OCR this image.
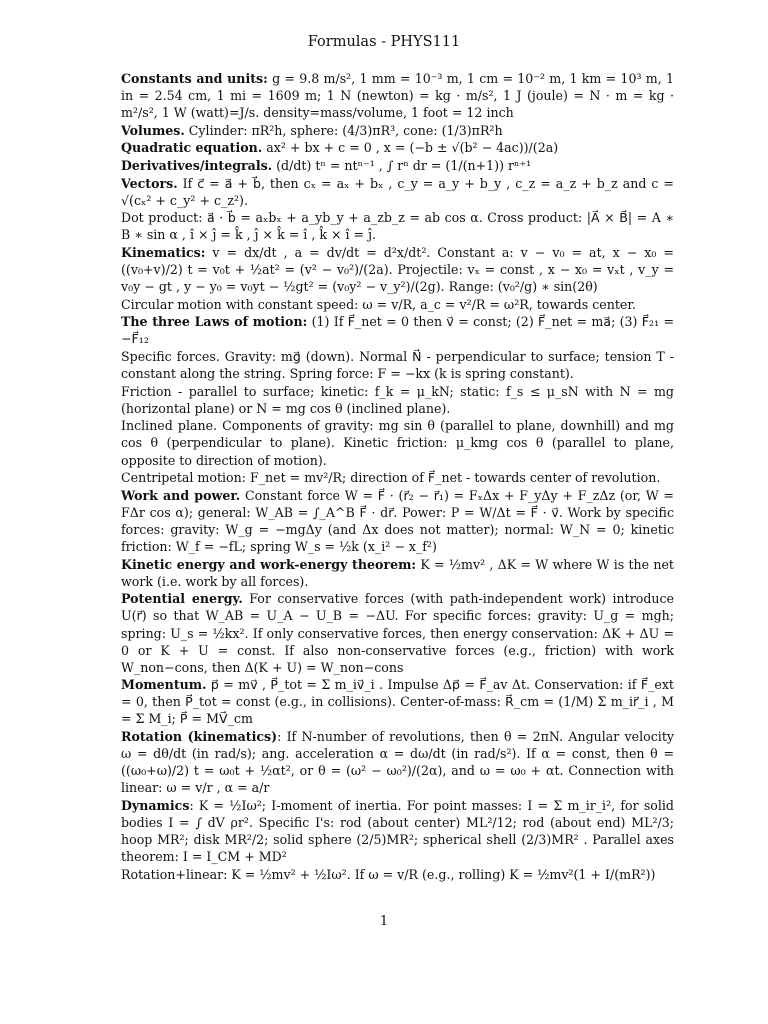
Formulas - PHYS111

Constants and units: g = 9.8 m/s², 1 mm = 10⁻³ m, 1 cm = 10⁻² m, 1 km = 10³ m, 1 in = 2.54 cm, 1 mi = 1609 m; 1 N (newton) = kg · m/s², 1 J (joule) = N · m = kg · m²/s², 1 W (watt)=J/s. density=mass/volume, 1 foot = 12 inch

Volumes. Cylinder: πR²h, sphere: (4/3)πR³, cone: (1/3)πR²h

Quadratic equation. ax² + bx + c = 0 , x = (−b ± √(b² − 4ac))/(2a)

Derivatives/integrals. (d/dt) tⁿ = ntⁿ⁻¹ , ∫ rⁿ dr = (1/(n+1)) rⁿ⁺¹

Vectors. If c⃗ = a⃗ + b⃗, then cₓ = aₓ + bₓ , c_y = a_y + b_y , c_z = a_z + b_z and c = √(cₓ² + c_y² + c_z²).

Dot product: a⃗ · b⃗ = aₓbₓ + a_yb_y + a_zb_z = ab cos α. Cross product: |A⃗ × B⃗| = A ∗ B ∗ sin α , î × ĵ = k̂ , ĵ × k̂ = î , k̂ × î = ĵ.

Kinematics: v = dx/dt , a = dv/dt = d²x/dt². Constant a: v − v₀ = at, x − x₀ = ((v₀+v)/2) t = v₀t + ½at² = (v² − v₀²)/(2a). Projectile: vₓ = const , x − x₀ = vₓt , v_y = v₀y − gt , y − y₀ = v₀yt − ½gt² = (v₀y² − v_y²)/(2g). Range: (v₀²/g) ∗ sin(2θ)

Circular motion with constant speed: ω = v/R, a_c = v²/R = ω²R, towards center.

The three Laws of motion: (1) If F⃗_net = 0 then v⃗ = const; (2) F⃗_net = ma⃗; (3) F⃗₂₁ = −F⃗₁₂

Specific forces. Gravity: mg⃗ (down). Normal N⃗ - perpendicular to surface; tension T - constant along the string. Spring force: F = −kx (k is spring constant).

Friction - parallel to surface; kinetic: f_k = μ_kN; static: f_s ≤ μ_sN with N = mg (horizontal plane) or N = mg cos θ (inclined plane).

Inclined plane. Components of gravity: mg sin θ (parallel to plane, downhill) and mg cos θ (perpendicular to plane). Kinetic friction: μ_kmg cos θ (parallel to plane, opposite to direction of motion).

Centripetal motion: F_net = mv²/R; direction of F⃗_net - towards center of revolution.

Work and power. Constant force W = F⃗ · (r⃗₂ − r⃗₁) = FₓΔx + F_yΔy + F_zΔz (or, W = FΔr cos α); general: W_AB = ∫_A^B F⃗ · dr⃗. Power: P = W/Δt = F⃗ · v⃗. Work by specific forces: gravity: W_g = −mgΔy (and Δx does not matter); normal: W_N = 0; kinetic friction: W_f = −fL; spring W_s = ½k (x_i² − x_f²)

Kinetic energy and work-energy theorem: K = ½mv² , ΔK = W where W is the net work (i.e. work by all forces).

Potential energy. For conservative forces (with path-independent work) introduce U(r⃗) so that W_AB = U_A − U_B = −ΔU. For specific forces: gravity: U_g = mgh; spring: U_s = ½kx². If only conservative forces, then energy conservation: ΔK + ΔU = 0 or K + U = const. If also non-conservative forces (e.g., friction) with work W_non−cons, then Δ(K + U) = W_non−cons

Momentum. p⃗ = mv⃗ , P⃗_tot = Σ m_iv⃗_i . Impulse Δp⃗ = F⃗_av Δt. Conservation: if F⃗_ext = 0, then P⃗_tot = const (e.g., in collisions). Center-of-mass: R⃗_cm = (1/M) Σ m_ir⃗_i , M = Σ M_i; P⃗ = MV⃗_cm

Rotation (kinematics): If N-number of revolutions, then θ = 2πN. Angular velocity ω = dθ/dt (in rad/s); ang. acceleration α = dω/dt (in rad/s²). If α = const, then θ = ((ω₀+ω)/2) t = ω₀t + ½αt², or θ = (ω² − ω₀²)/(2α), and ω = ω₀ + αt. Connection with linear: ω = v/r , α = a/r

Dynamics: K = ½Iω²; I-moment of inertia. For point masses: I = Σ m_ir_i², for solid bodies I = ∫ dV ρr². Specific I's: rod (about center) ML²/12; rod (about end) ML²/3; hoop MR²; disk MR²/2; solid sphere (2/5)MR²; spherical shell (2/3)MR² . Parallel axes theorem: I = I_CM + MD²

Rotation+linear: K = ½mv² + ½Iω². If ω = v/R (e.g., rolling) K = ½mv²(1 + I/(mR²))

1
